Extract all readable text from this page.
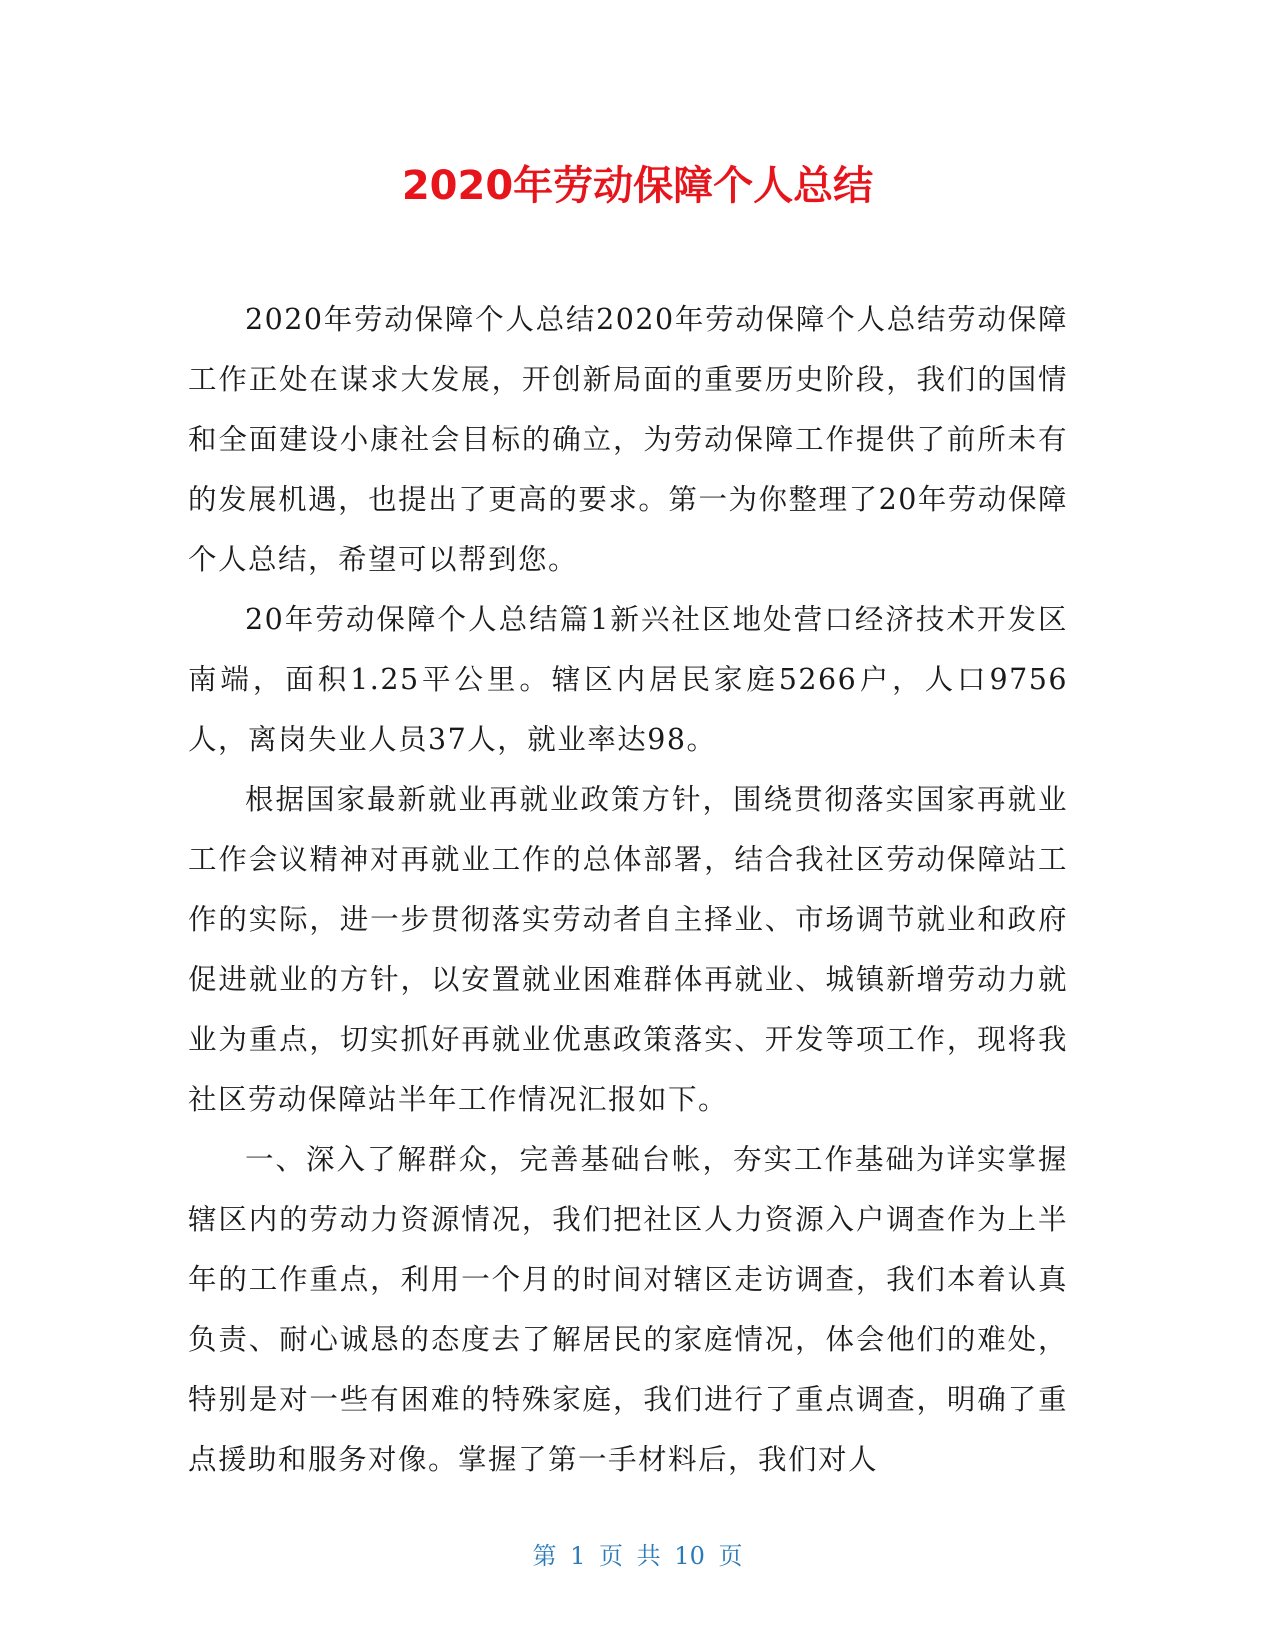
2020年劳动保障个人总结

2020年劳动保障个人总结2020年劳动保障个人总结劳动保障工作正处在谋求大发展，开创新局面的重要历史阶段，我们的国情和全面建设小康社会目标的确立，为劳动保障工作提供了前所未有的发展机遇，也提出了更高的要求。第一为你整理了20年劳动保障个人总结，希望可以帮到您。

20年劳动保障个人总结篇1新兴社区地处营口经济技术开发区南端，面积1.25平公里。辖区内居民家庭5266户，人口9756人，离岗失业人员37人，就业率达98。

根据国家最新就业再就业政策方针，围绕贯彻落实国家再就业工作会议精神对再就业工作的总体部署，结合我社区劳动保障站工作的实际，进一步贯彻落实劳动者自主择业、市场调节就业和政府促进就业的方针，以安置就业困难群体再就业、城镇新增劳动力就业为重点，切实抓好再就业优惠政策落实、开发等项工作，现将我社区劳动保障站半年工作情况汇报如下。

一、深入了解群众，完善基础台帐，夯实工作基础为详实掌握辖区内的劳动力资源情况，我们把社区人力资源入户调查作为上半年的工作重点，利用一个月的时间对辖区走访调查，我们本着认真负责、耐心诚恳的态度去了解居民的家庭情况，体会他们的难处，特别是对一些有困难的特殊家庭，我们进行了重点调查，明确了重点援助和服务对像。掌握了第一手材料后，我们对人

第 1 页 共 10 页
